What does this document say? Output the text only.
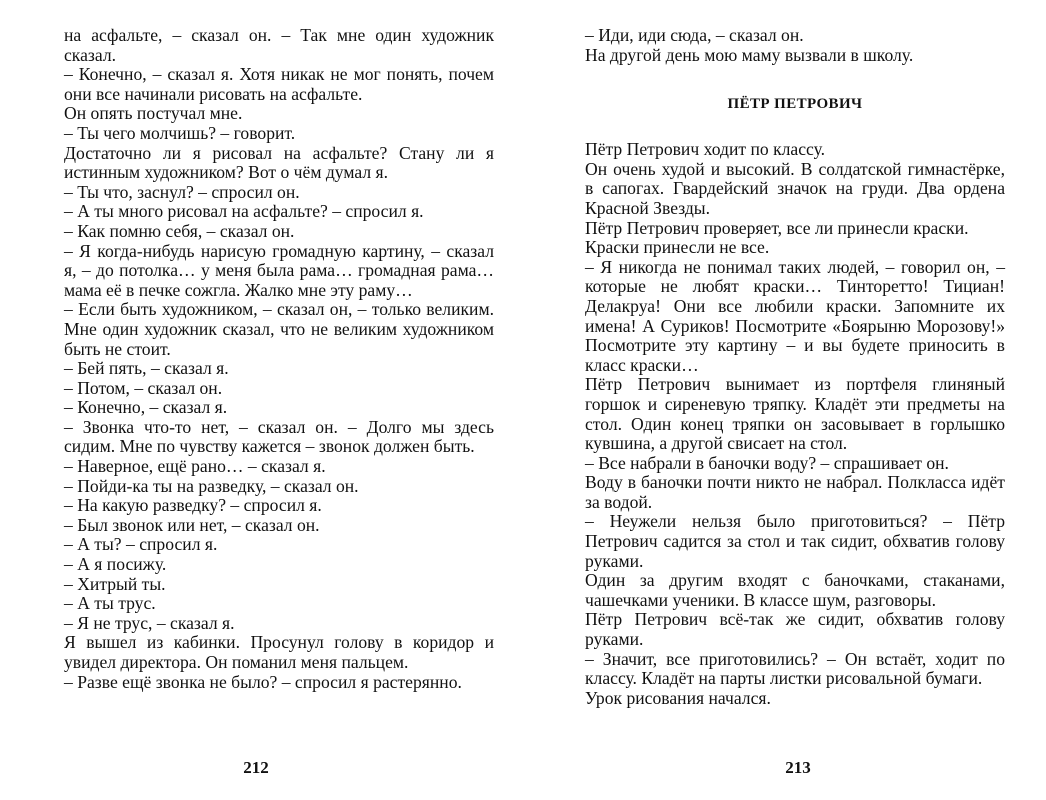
на асфальте, – сказал он. – Так мне один художник сказал.

– Конечно, – сказал я. Хотя никак не мог понять, почем они все начинали рисовать на асфальте.

Он опять постучал мне.

– Ты чего молчишь? – говорит.

Достаточно ли я рисовал на асфальте? Стану ли я истинным художником? Вот о чём думал я.

– Ты что, заснул? – спросил он.

– А ты много рисовал на асфальте? – спросил я.

– Как помню себя, – сказал он.

– Я когда-нибудь нарисую громадную картину, – сказал я, – до потолка… у меня была рама… громадная рама… мама её в печке сожгла. Жалко мне эту раму…

– Если быть художником, – сказал он, – только великим. Мне один художник сказал, что не великим художником быть не стоит.

– Бей пять, – сказал я.

– Потом, – сказал он.

– Конечно, – сказал я.

– Звонка что-то нет, – сказал он. – Долго мы здесь сидим. Мне по чувству кажется – звонок должен быть.

– Наверное, ещё рано… – сказал я.

– Пойди-ка ты на разведку, – сказал он.

– На какую разведку? – спросил я.

– Был звонок или нет, – сказал он.

– А ты? – спросил я.

– А я посижу.

– Хитрый ты.

– А ты трус.

– Я не трус, – сказал я.

Я вышел из кабинки. Просунул голову в коридор и увидел директора. Он поманил меня пальцем.

– Разве ещё звонка не было? – спросил я растерянно.

212

– Иди, иди сюда, – сказал он.

На другой день мою маму вызвали в школу.

ПЁТР ПЕТРОВИЧ

Пётр Петрович ходит по классу.

Он очень худой и высокий. В солдатской гимнастёрке, в сапогах. Гвардейский значок на груди. Два ордена Красной Звезды.

Пётр Петрович проверяет, все ли принесли краски.

Краски принесли не все.

– Я никогда не понимал таких людей, – говорил он, – которые не любят краски… Тинторетто! Тициан! Делакруа! Они все любили краски. Запомните их имена! А Суриков! Посмотрите «Боярыню Морозову!» Посмотрите эту картину – и вы будете приносить в класс краски…

Пётр Петрович вынимает из портфеля глиняный горшок и сиреневую тряпку. Кладёт эти предметы на стол. Один конец тряпки он засовывает в горлышко кувшина, а другой свисает на стол.

– Все набрали в баночки воду? – спрашивает он.

Воду в баночки почти никто не набрал. Полкласса идёт за водой.

– Неужели нельзя было приготовиться? – Пётр Петрович садится за стол и так сидит, обхватив голову руками.

Один за другим входят с баночками, стаканами, чашечками ученики. В классе шум, разговоры.

Пётр Петрович всё-так же сидит, обхватив голову руками.

– Значит, все приготовились? – Он встаёт, ходит по классу. Кладёт на парты листки рисовальной бумаги.

Урок рисования начался.

213
